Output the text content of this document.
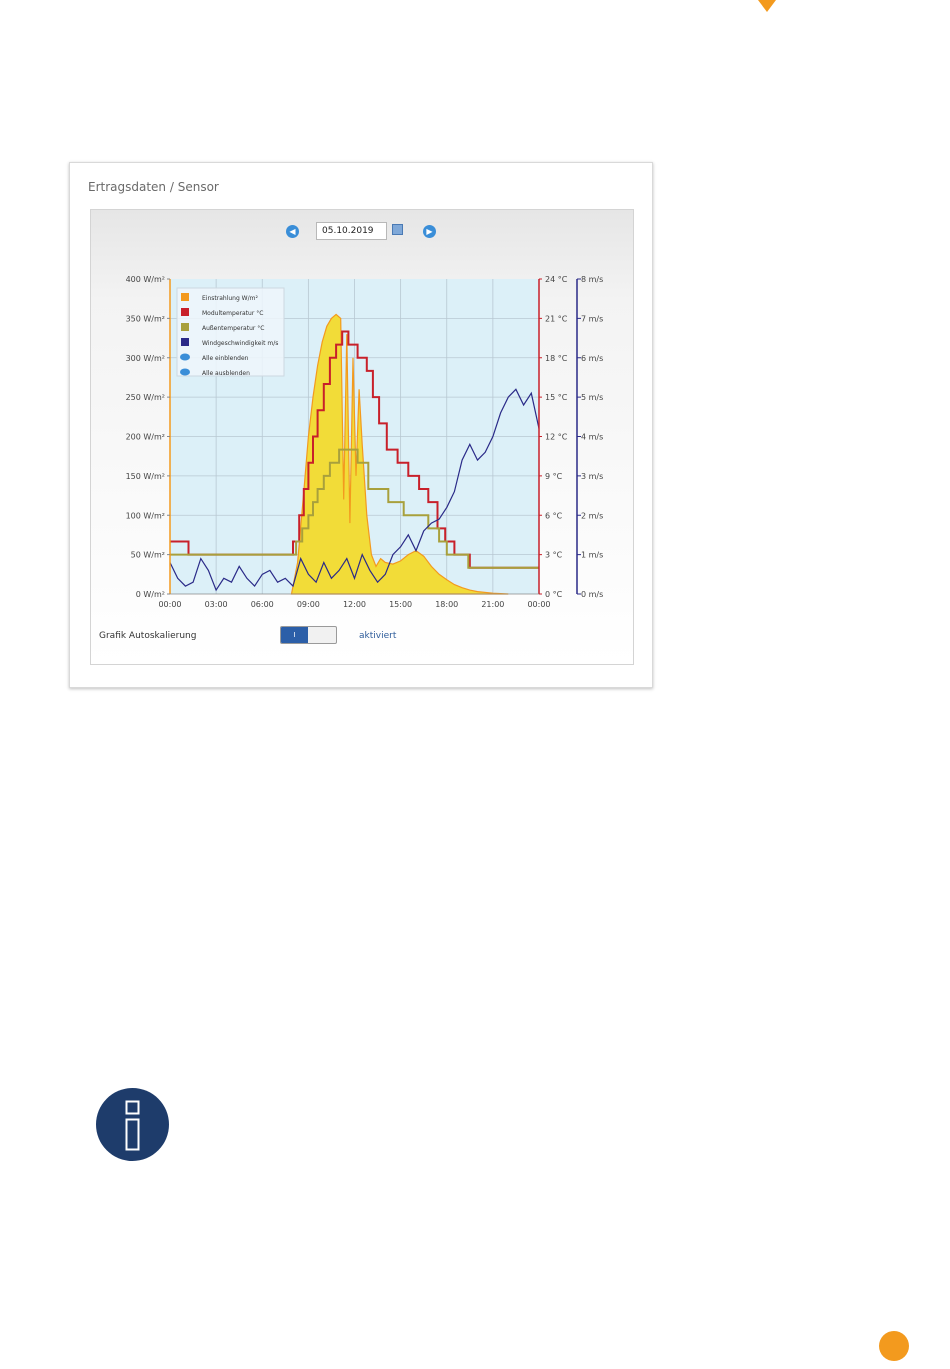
Ertragsdaten / Sensor
◀
05.10.2019	▶
0 W/m²
50 W/m²
100 W/m²
150 W/m²
200 W/m²
250 W/m²
300 W/m²
350 W/m²
400 W/m²
0 °C
3 °C
6 °C
9 °C
12 °C
15 °C
18 °C
21 °C
24 °C
0 m/s
1 m/s
2 m/s
3 m/s
4 m/s
5 m/s
6 m/s
7 m/s
8 m/s
00:00	03:00	06:00	09:00	12:00	15:00	18:00	21:00	00:00
Einstrahlung W/m²
Modultemperatur °C
Außentemperatur °C
Windgeschwindigkeit m/s
Alle einblenden
Alle ausblenden
Grafik Autoskalierung	I	aktiviert
